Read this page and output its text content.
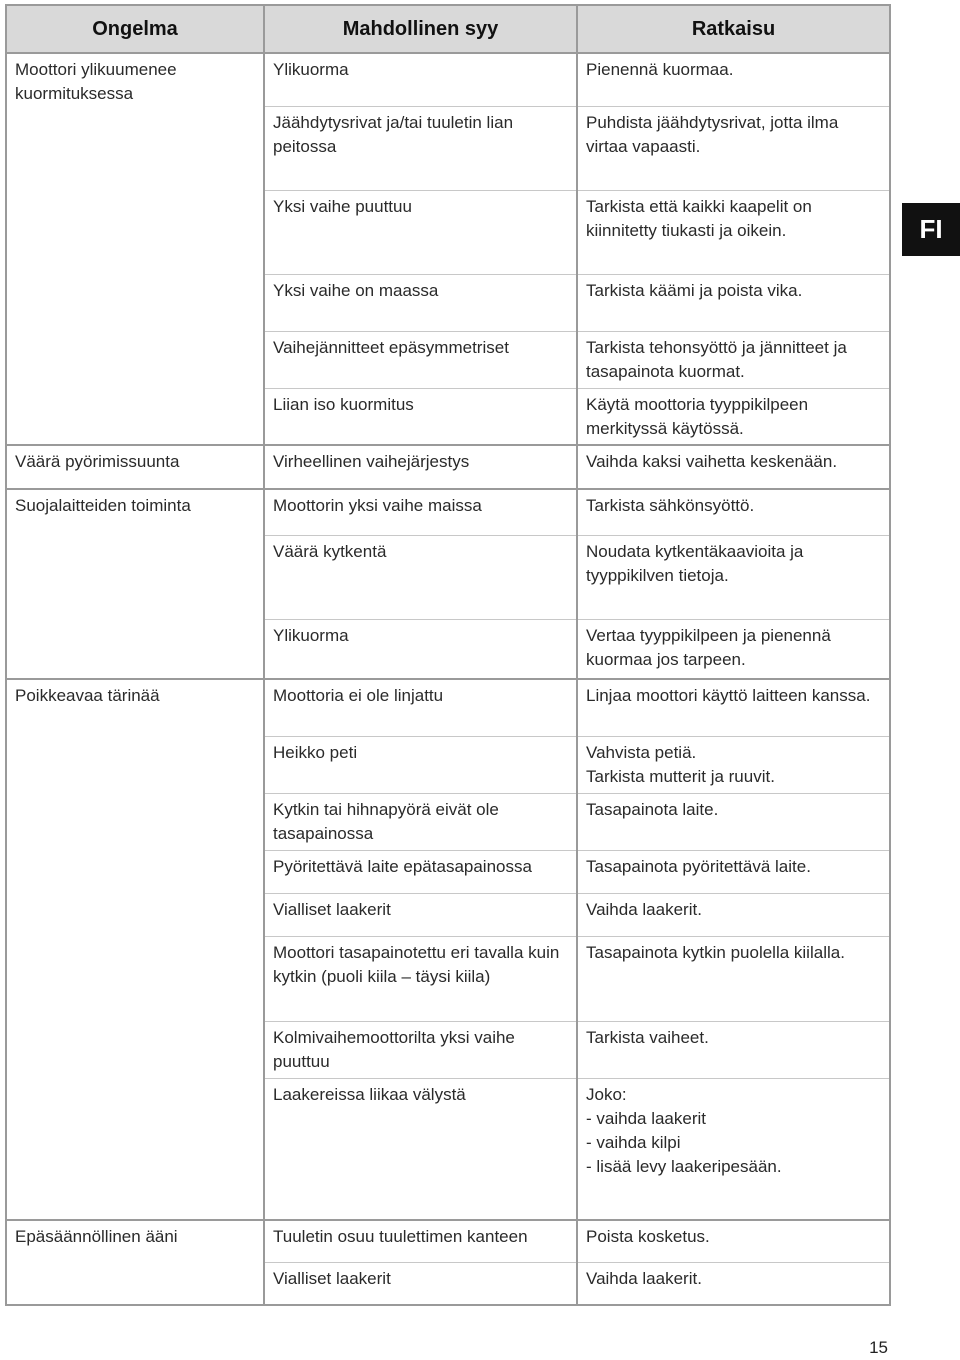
Ongelma	Mahdollinen syy	Ratkaisu
Moottori ylikuumenee kuormituksessa	Ylikuorma	Pienennä kuormaa.

	Jäähdytysrivat ja/tai tuuletin lian peitossa	Puhdista jäähdytysrivat, jotta ilma virtaa vapaasti.

	Yksi vaihe puuttuu	Tarkista että kaikki kaapelit on kiinnitetty tiukasti ja oikein.

	Yksi vaihe on maassa	Tarkista käämi ja poista vika.

	Vaihejännitteet epäsymmetriset	Tarkista tehonsyöttö ja jännitteet ja tasapainota kuormat.

	Liian iso kuormitus	Käytä moottoria tyyppikilpeen merkityssä käytössä.

Väärä pyörimissuunta	Virheellinen vaihejärjestys	Vaihda kaksi vaihetta keskenään.

Suojalaitteiden toiminta	Moottorin yksi vaihe maissa	Tarkista sähkönsyöttö.

	Väärä kytkentä	Noudata kytkentäkaavioita ja tyyppikilven tietoja.

	Ylikuorma	Vertaa tyyppikilpeen ja pienennä kuormaa jos tarpeen.

Poikkeavaa tärinää	Moottoria ei ole linjattu	Linjaa moottori käyttö laitteen kanssa.

	Heikko peti	Vahvista petiä.
Tarkista mutterit ja ruuvit.

	Kytkin tai hihnapyörä eivät ole tasapainossa	Tasapainota laite.

	Pyöritettävä laite epätasapainossa	Tasapainota pyöritettävä laite.

	Vialliset laakerit	Vaihda laakerit.

	Moottori tasapainotettu eri tavalla kuin kytkin (puoli kiila – täysi kiila)	Tasapainota kytkin puolella kiilalla.

	Kolmivaihemoottorilta yksi vaihe puuttuu	Tarkista vaiheet.

	Laakereissa liikaa välystä	Joko:
- vaihda laakerit
- vaihda kilpi
- lisää levy laakeripesään.

Epäsäännöllinen ääni	Tuuletin osuu tuulettimen kanteen	Poista kosketus.

	Vialliset laakerit	Vaihda laakerit.
FI
15
